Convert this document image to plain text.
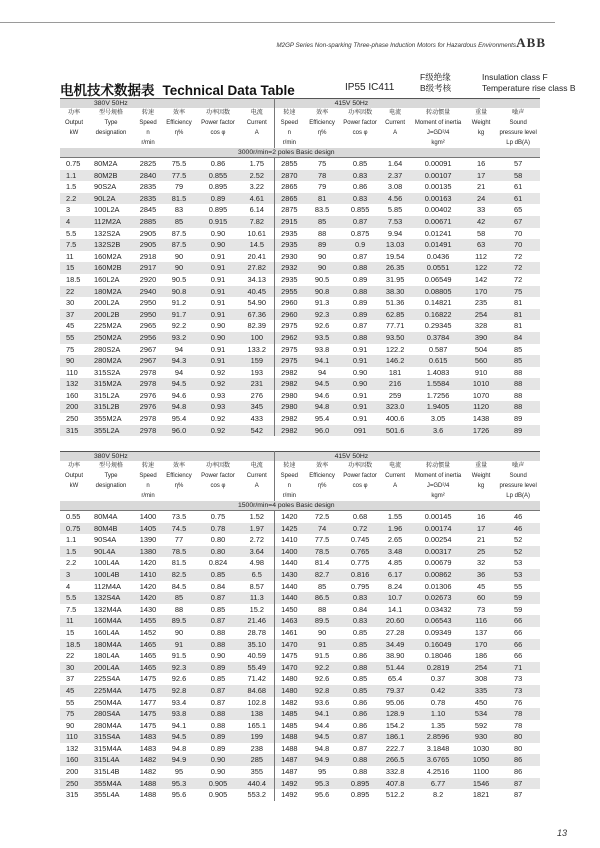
M2GP Series Non-sparking Three-phase Induction Motors for Hazardous Environments ABB
电机技术数据表 Technical Data Table	IP55 IC411
F级绝缘	Insulation class F
B级考核	Temperature rise class B
380V 50Hz						415V 50Hz						
功率	型号规格	转速	效率	功率因数	电流	转速	效率	功率因数	电流	转动惯量	重量	噪声
Output	Type	Speed	Efficiency	Power factor	Current	Speed	Efficiency	Power factor	Current	Moment of inertia	Weight	Sound
kW	designation	n	η%	cos φ	A	n	η%	cos φ	A	J=GD²/4	kg	pressure level
		r/min				r/min				kgm²		Lp dB(A)
3000r/min=2 poles Basic design												
0.75	80M2A	2825	75.5	0.86	1.75	2855	75	0.85	1.64	0.00091	16	57
1.1	80M2B	2840	77.5	0.855	2.52	2870	78	0.83	2.37	0.00107	17	58
1.5	90S2A	2835	79	0.895	3.22	2865	79	0.86	3.08	0.00135	21	61
2.2	90L2A	2835	81.5	0.89	4.61	2865	81	0.83	4.56	0.00163	24	61
3	100L2A	2845	83	0.895	6.14	2875	83.5	0.855	5.85	0.00402	33	65
4	112M2A	2885	85	0.915	7.82	2915	85	0.87	7.53	0.00671	42	67
5.5	132S2A	2905	87.5	0.90	10.61	2935	88	0.875	9.94	0.01241	58	70
7.5	132S2B	2905	87.5	0.90	14.5	2935	89	0.9	13.03	0.01491	63	70
11	160M2A	2918	90	0.91	20.41	2930	90	0.87	19.54	0.0436	112	72
15	160M2B	2917	90	0.91	27.82	2932	90	0.88	26.35	0.0551	122	72
18.5	160L2A	2920	90.5	0.91	34.13	2935	90.5	0.89	31.95	0.06549	142	72
22	180M2A	2940	90.8	0.91	40.45	2955	90.8	0.88	38.30	0.08805	170	75
30	200L2A	2950	91.2	0.91	54.90	2960	91.3	0.89	51.36	0.14821	235	81
37	200L2B	2950	91.7	0.91	67.36	2960	92.3	0.89	62.85	0.16822	254	81
45	225M2A	2965	92.2	0.90	82.39	2975	92.6	0.87	77.71	0.29345	328	81
55	250M2A	2956	93.2	0.90	100	2962	93.5	0.88	93.50	0.3784	390	84
75	280S2A	2967	94	0.91	133.2	2975	93.8	0.91	122.2	0.587	504	85
90	280M2A	2967	94.3	0.91	159	2975	94.1	0.91	146.2	0.615	560	85
110	315S2A	2978	94	0.92	193	2982	94	0.90	181	1.4083	910	88
132	315M2A	2978	94.5	0.92	231	2982	94.5	0.90	216	1.5584	1010	88
160	315L2A	2976	94.6	0.93	276	2980	94.6	0.91	259	1.7256	1070	88
200	315L2B	2976	94.8	0.93	345	2980	94.8	0.91	323.0	1.9405	1120	88
250	355M2A	2978	95.4	0.92	433	2982	95.4	0.91	400.6	3.05	1438	89
315	355L2A	2978	96.0	0.92	542	2982	96.0	091	501.6	3.6	1726	89
380V 50Hz						415V 50Hz						
功率	型号规格	转速	效率	功率因数	电流	转速	效率	功率因数	电流	转动惯量	重量	噪声
Output	Type	Speed	Efficiency	Power factor	Current	Speed	Efficiency	Power factor	Current	Moment of inertia	Weight	Sound
kW	designation	n	η%	cos φ	A	n	η%	cos φ	A	J=GD²/4	kg	pressure level
		r/min				r/min				kgm²		Lp dB(A)
1500r/min=4 poles Basic design												
0.55	80M4A	1400	73.5	0.75	1.52	1420	72.5	0.68	1.55	0.00145	16	46
0.75	80M4B	1405	74.5	0.78	1.97	1425	74	0.72	1.96	0.00174	17	46
1.1	90S4A	1390	77	0.80	2.72	1410	77.5	0.745	2.65	0.00254	21	52
1.5	90L4A	1380	78.5	0.80	3.64	1400	78.5	0.765	3.48	0.00317	25	52
2.2	100L4A	1420	81.5	0.824	4.98	1440	81.4	0.775	4.85	0.00679	32	53
3	100L4B	1410	82.5	0.85	6.5	1430	82.7	0.816	6.17	0.00862	36	53
4	112M4A	1420	84.5	0.84	8.57	1440	85	0.795	8.24	0.01306	45	55
5.5	132S4A	1420	85	0.87	11.3	1440	86.5	0.83	10.7	0.02673	60	59
7.5	132M4A	1430	88	0.85	15.2	1450	88	0.84	14.1	0.03432	73	59
11	160M4A	1455	89.5	0.87	21.46	1463	89.5	0.83	20.60	0.06543	116	66
15	160L4A	1452	90	0.88	28.78	1461	90	0.85	27.28	0.09349	137	66
18.5	180M4A	1465	91	0.88	35.10	1470	91	0.85	34.49	0.16049	170	66
22	180L4A	1465	91.5	0.90	40.59	1475	91.5	0.86	38.90	0.18046	186	66
30	200L4A	1465	92.3	0.89	55.49	1470	92.2	0.88	51.44	0.2819	254	71
37	225S4A	1475	92.6	0.85	71.42	1480	92.6	0.85	65.4	0.37	308	73
45	225M4A	1475	92.8	0.87	84.68	1480	92.8	0.85	79.37	0.42	335	73
55	250M4A	1477	93.4	0.87	102.8	1482	93.6	0.86	95.06	0.78	450	76
75	280S4A	1475	93.8	0.88	138	1485	94.1	0.86	128.9	1.10	534	78
90	280M4A	1475	94.1	0.88	165.1	1485	94.4	0.86	154.2	1.35	592	78
110	315S4A	1483	94.5	0.89	199	1488	94.5	0.87	186.1	2.8596	930	80
132	315M4A	1483	94.8	0.89	238	1488	94.8	0.87	222.7	3.1848	1030	80
160	315L4A	1482	94.9	0.90	285	1487	94.9	0.88	266.5	3.6765	1050	86
200	315L4B	1482	95	0.90	355	1487	95	0.88	332.8	4.2516	1100	86
250	355M4A	1488	95.3	0.905	440.4	1492	95.3	0.895	407.8	6.77	1546	87
315	355L4A	1488	95.6	0.905	553.2	1492	95.6	0.895	512.2	8.2	1821	87
13
